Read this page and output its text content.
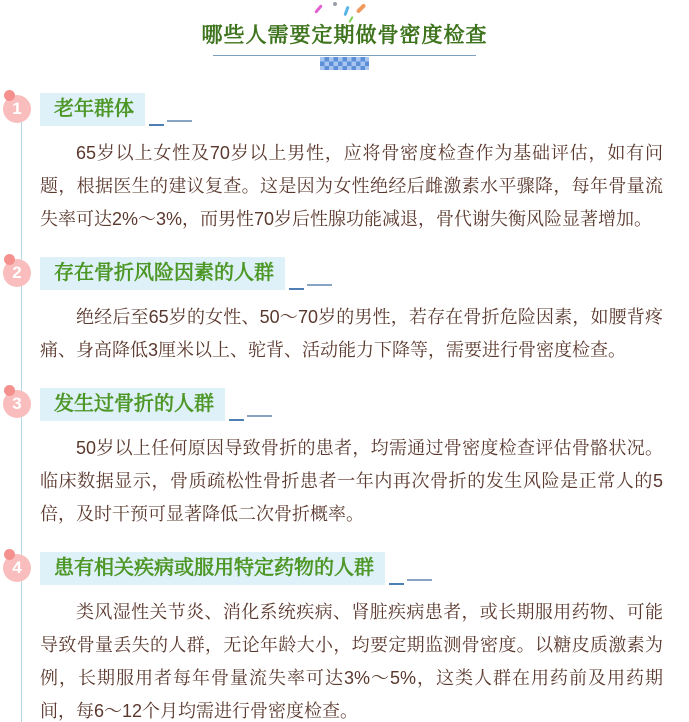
哪些人需要定期做骨密度检查
1	老年群体

65岁以上女性及70岁以上男性，应将骨密度检查作为基础评估，如有问题，根据医生的建议复查。这是因为女性绝经后雌激素水平骤降，每年骨量流失率可达2%～3%，而男性70岁后性腺功能减退，骨代谢失衡风险显著增加。

2	存在骨折风险因素的人群

绝经后至65岁的女性、50～70岁的男性，若存在骨折危险因素，如腰背疼痛、身高降低3厘米以上、驼背、活动能力下降等，需要进行骨密度检查。

3	发生过骨折的人群

50岁以上任何原因导致骨折的患者，均需通过骨密度检查评估骨骼状况。临床数据显示，骨质疏松性骨折患者一年内再次骨折的发生风险是正常人的5倍，及时干预可显著降低二次骨折概率。

4	患有相关疾病或服用特定药物的人群

类风湿性关节炎、消化系统疾病、肾脏疾病患者，或长期服用药物、可能导致骨量丢失的人群，无论年龄大小，均要定期监测骨密度。以糖皮质激素为例，长期服用者每年骨量流失率可达3%～5%，这类人群在用药前及用药期间，每6～12个月均需进行骨密度检查。
